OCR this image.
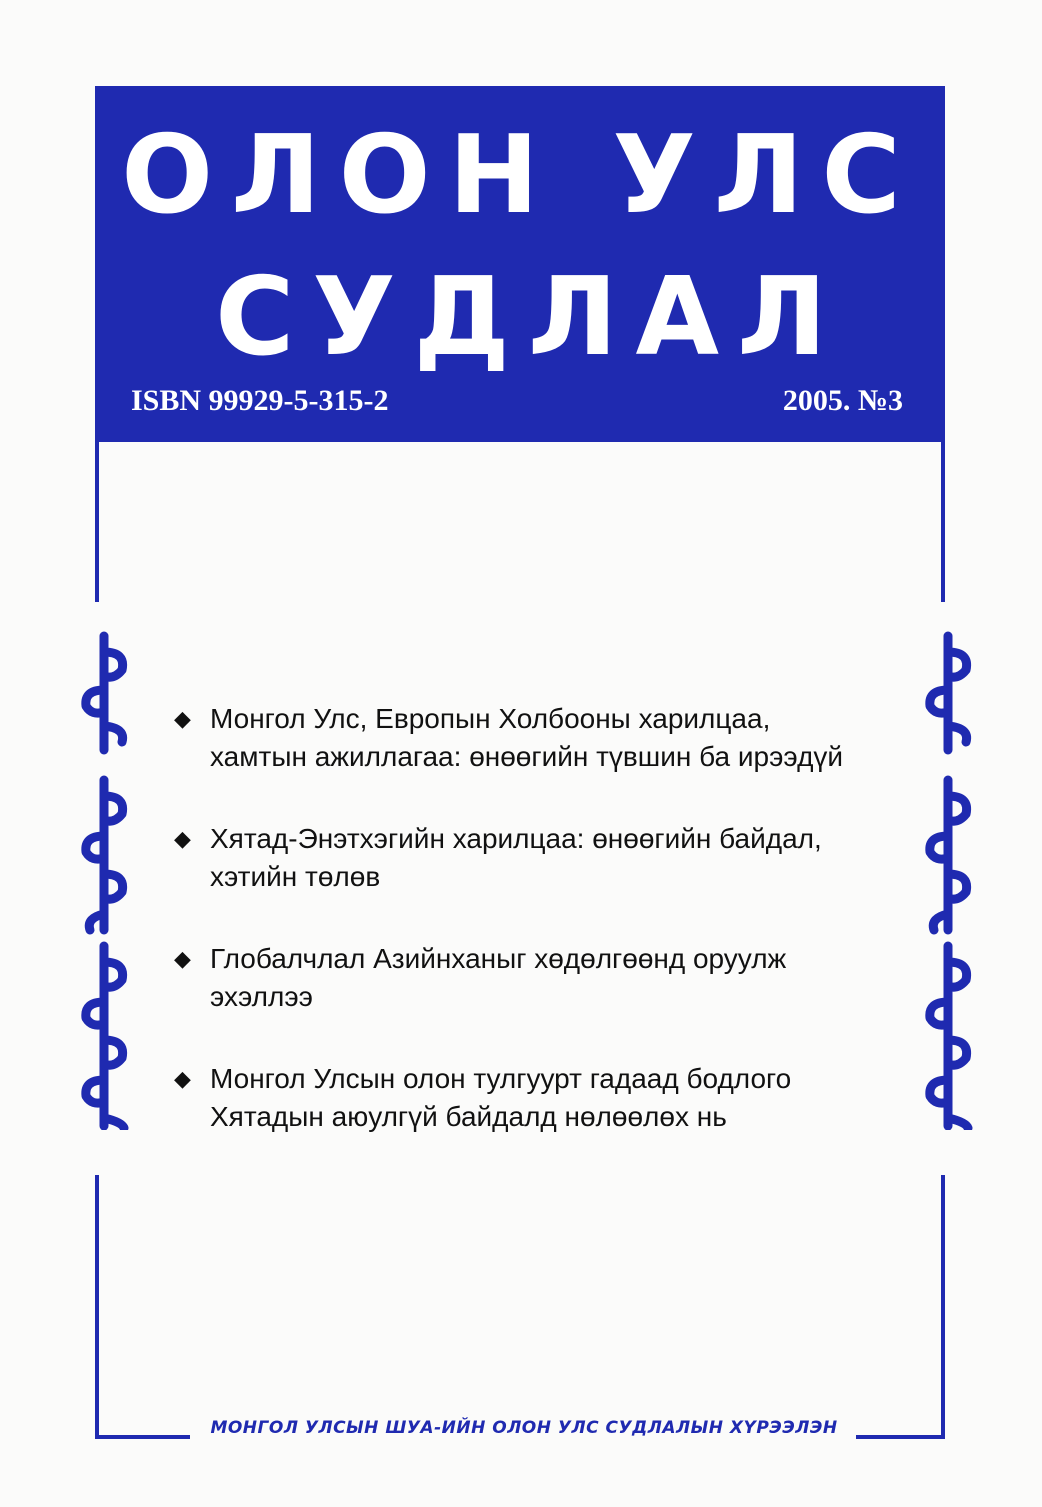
ОЛОН УЛС
СУДЛАЛ
ISBN 99929-5-315-2	2005. №3
◆ Монгол Улс, Европын Холбооны харилцаа,
хамтын ажиллагаа: өнөөгийн түвшин ба ирээдүй
◆ Хятад-Энэтхэгийн харилцаа: өнөөгийн байдал,
хэтийн төлөв
◆ Глобалчлал Азийнханыг хөдөлгөөнд оруулж
эхэллээ
◆ Монгол Улсын олон тулгуурт гадаад бодлого
Хятадын аюулгүй байдалд нөлөөлөх нь
МОНГОЛ УЛСЫН ШУА-ИЙН ОЛОН УЛС СУДЛАЛЫН ХҮРЭЭЛЭН
